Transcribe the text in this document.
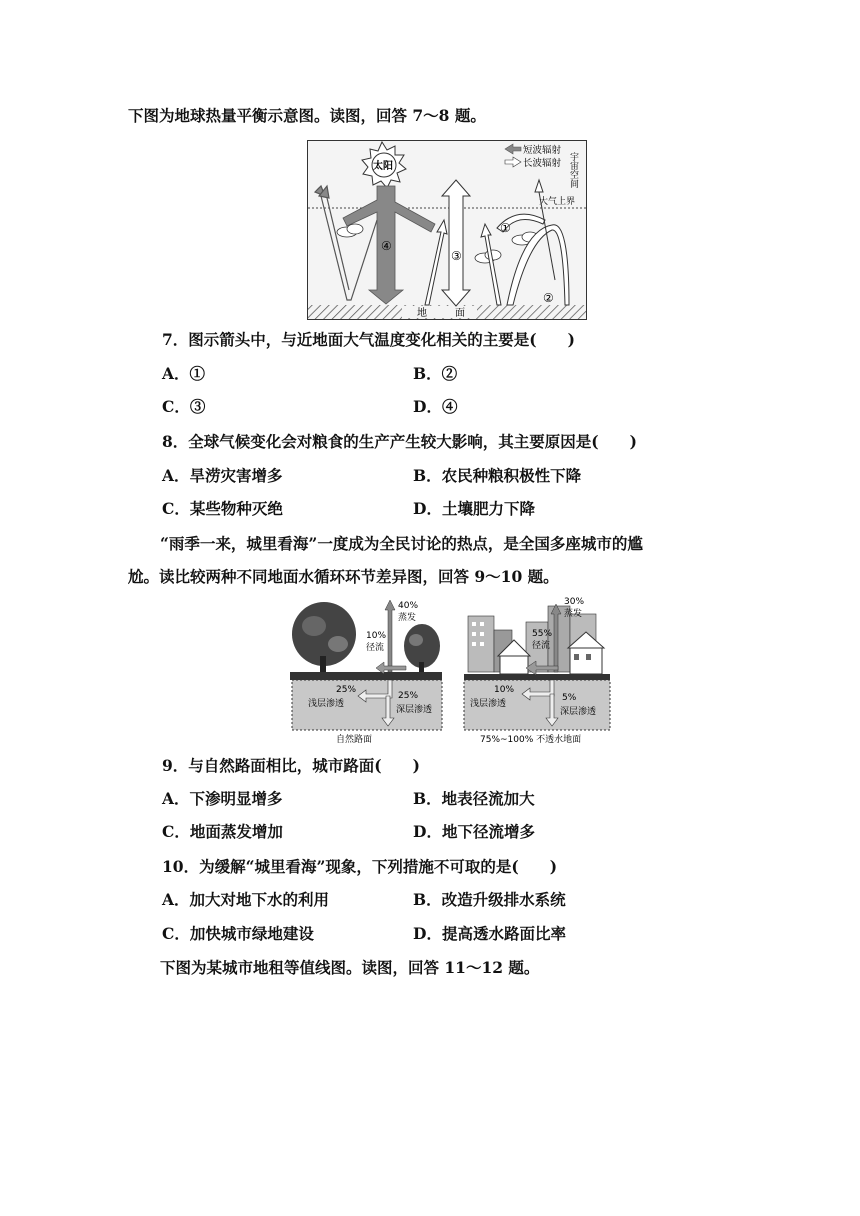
下图为地球热量平衡示意图。读图，回答 7～8 题。
地	面
太阳
④
③
①
②
短波辐射
长波辐射 宇宙空间
大气上界
7．图示箭头中，与近地面大气温度变化相关的主要是(　　)
A．①	B．②
C．③	D．④
8．全球气候变化会对粮食的生产产生较大影响，其主要原因是(　　)
A．旱涝灾害增多	B．农民种粮积极性下降
C．某些物种灭绝	D．土壤肥力下降
“雨季一来，城里看海”一度成为全民讨论的热点，是全国多座城市的尴
尬。读比较两种不同地面水循环环节差异图，回答 9～10 题。
40%
蒸发
10%
径流
25%
浅层渗透
25%
深层渗透
自然路面
30%
蒸发
55%
径流
10%
浅层渗透
5%
深层渗透
75%~100% 不透水地面
9．与自然路面相比，城市路面(　　)
A．下渗明显增多	B．地表径流加大
C．地面蒸发增加	D．地下径流增多
10．为缓解“城里看海”现象，下列措施不可取的是(　　)
A．加大对地下水的利用	B．改造升级排水系统
C．加快城市绿地建设	D．提高透水路面比率
下图为某城市地租等值线图。读图，回答 11～12 题。
